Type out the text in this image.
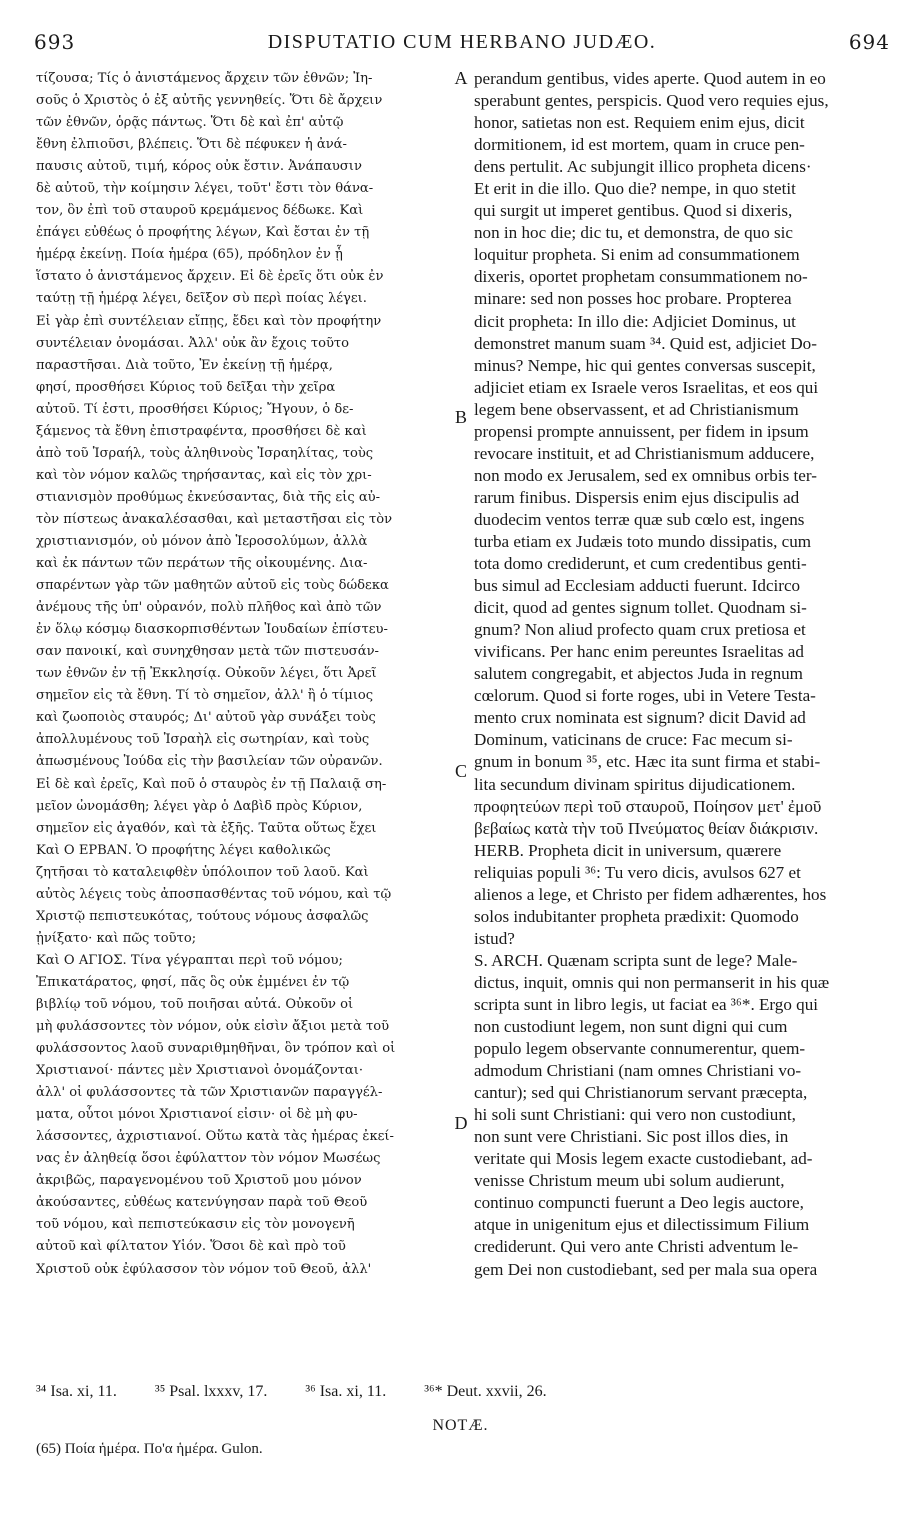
693	DISPUTATIO CUM HERBANO JUDÆO.	694
τίζουσα; Τίς ὁ ἀνιστάμενος ἄρχειν τῶν ἐθνῶν; Ἰη-
σοῦς ὁ Χριστὸς ὁ ἐξ αὐτῆς γεννηθείς. Ὅτι δὲ ἄρχειν
τῶν ἐθνῶν, ὁρᾷς πάντως. Ὅτι δὲ καὶ ἐπ' αὐτῷ
ἔθνη ἐλπιοῦσι, βλέπεις. Ὅτι δὲ πέφυκεν ἡ ἀνά-
παυσις αὐτοῦ, τιμή, κόρος οὐκ ἔστιν. Ἀνάπαυσιν
δὲ αὐτοῦ, τὴν κοίμησιν λέγει, τοῦτ' ἔστι τὸν θάνα-
τον, ὃν ἐπὶ τοῦ σταυροῦ κρεμάμενος δέδωκε. Καὶ
ἐπάγει εὐθέως ὁ προφήτης λέγων, Καὶ ἔσται ἐν τῇ
ἡμέρᾳ ἐκείνῃ. Ποία ἡμέρα (65), πρόδηλον ἐν ᾗ
ἵστατο ὁ ἀνιστάμενος ἄρχειν. Εἰ δὲ ἐρεῖς ὅτι οὐκ ἐν
ταύτῃ τῇ ἡμέρᾳ λέγει, δεῖξον σὺ περὶ ποίας λέγει.
Εἰ γὰρ ἐπὶ συντέλειαν εἴπῃς, ἔδει καὶ τὸν προφήτην
συντέλειαν ὀνομάσαι. Ἀλλ' οὐκ ἂν ἔχοις τοῦτο
παραστῆσαι. Διὰ τοῦτο, Ἐν ἐκείνῃ τῇ ἡμέρᾳ,
φησί, προσθήσει Κύριος τοῦ δεῖξαι τὴν χεῖρα
αὐτοῦ. Τί ἐστι, προσθήσει Κύριος; Ἤγουν, ὁ δε-
ξάμενος τὰ ἔθνη ἐπιστραφέντα, προσθήσει δὲ καὶ
ἀπὸ τοῦ Ἰσραήλ, τοὺς ἀληθινοὺς Ἰσραηλίτας, τοὺς
καὶ τὸν νόμον καλῶς τηρήσαντας, καὶ εἰς τὸν χρι-
στιανισμὸν προθύμως ἐκνεύσαντας, διὰ τῆς εἰς αὐ-
τὸν πίστεως ἀνακαλέσασθαι, καὶ μεταστῆσαι εἰς τὸν
χριστιανισμόν, οὐ μόνον ἀπὸ Ἱεροσολύμων, ἀλλὰ
καὶ ἐκ πάντων τῶν περάτων τῆς οἰκουμένης. Δια-
σπαρέντων γὰρ τῶν μαθητῶν αὐτοῦ εἰς τοὺς δώδεκα
ἀνέμους τῆς ὑπ' οὐρανόν, πολὺ πλῆθος καὶ ἀπὸ τῶν
ἐν ὅλῳ κόσμῳ διασκορπισθέντων Ἰουδαίων ἐπίστευ-
σαν πανοικί, καὶ συνηχθησαν μετὰ τῶν πιστευσάν-
των ἐθνῶν ἐν τῇ Ἐκκλησίᾳ. Οὐκοῦν λέγει, ὅτι Ἀρεῖ
σημεῖον εἰς τὰ ἔθνη. Τί τὸ σημεῖον, ἀλλ' ἢ ὁ τίμιος
καὶ ζωοποιὸς σταυρός; Δι' αὐτοῦ γὰρ συνάξει τοὺς
ἀπολλυμένους τοῦ Ἰσραὴλ εἰς σωτηρίαν, καὶ τοὺς
ἀπωσμένους Ἰούδα εἰς τὴν βασιλείαν τῶν οὐρανῶν.
Εἰ δὲ καὶ ἐρεῖς, Καὶ ποῦ ὁ σταυρὸς ἐν τῇ Παλαιᾷ ση-
μεῖον ὠνομάσθη; λέγει γὰρ ὁ Δαβὶδ πρὸς Κύριον,
σημεῖον εἰς ἀγαθόν, καὶ τὰ ἑξῆς. Ταῦτα οὕτως ἔχει
Καὶ Ο ΕΡΒΑΝ. Ὁ προφήτης λέγει καθολικῶς
ζητῆσαι τὸ καταλειφθὲν ὑπόλοιπον τοῦ λαοῦ. Καὶ
αὐτὸς λέγεις τοὺς ἀποσπασθέντας τοῦ νόμου, καὶ τῷ
Χριστῷ πεπιστευκότας, τούτους νόμους ἀσφαλῶς
ᾐνίξατο· καὶ πῶς τοῦτο;
Καὶ Ο ΑΓΙΟΣ. Τίνα γέγραπται περὶ τοῦ νόμου;
Ἐπικατάρατος, φησί, πᾶς ὃς οὐκ ἐμμένει ἐν τῷ
βιβλίῳ τοῦ νόμου, τοῦ ποιῆσαι αὐτά. Οὐκοῦν οἱ
μὴ φυλάσσοντες τὸν νόμον, οὐκ εἰσὶν ἄξιοι μετὰ τοῦ
φυλάσσοντος λαοῦ συναριθμηθῆναι, ὃν τρόπον καὶ οἱ
Χριστιανοί· πάντες μὲν Χριστιανοὶ ὀνομάζονται·
ἀλλ' οἱ φυλάσσοντες τὰ τῶν Χριστιανῶν παραγγέλ-
ματα, οὗτοι μόνοι Χριστιανοί εἰσιν· οἱ δὲ μὴ φυ-
λάσσοντες, ἀχριστιανοί. Οὕτω κατὰ τὰς ἡμέρας ἐκεί-
νας ἐν ἀληθείᾳ ὅσοι ἐφύλαττον τὸν νόμον Μωσέως
ἀκριβῶς, παραγενομένου τοῦ Χριστοῦ μου μόνον
ἀκούσαντες, εὐθέως κατενύγησαν παρὰ τοῦ Θεοῦ
τοῦ νόμου, καὶ πεπιστεύκασιν εἰς τὸν μονογενῆ
αὐτοῦ καὶ φίλτατον Υἱόν. Ὅσοι δὲ καὶ πρὸ τοῦ
Χριστοῦ οὐκ ἐφύλασσον τὸν νόμον τοῦ Θεοῦ, ἀλλ'
perandum gentibus, vides aperte. Quod autem in eo
sperabunt gentes, perspicis. Quod vero requies ejus,
honor, satietas non est. Requiem enim ejus, dicit
dormitionem, id est mortem, quam in cruce pen-
dens pertulit. Ac subjungit illico propheta dicens·
Et erit in die illo. Quo die? nempe, in quo stetit
qui surgit ut imperet gentibus. Quod si dixeris,
non in hoc die; dic tu, et demonstra, de quo sic
loquitur propheta. Si enim ad consummationem
dixeris, oportet prophetam consummationem no-
minare: sed non posses hoc probare. Propterea
dicit propheta: In illo die: Adjiciet Dominus, ut
demonstret manum suam ³⁴. Quid est, adjiciet Do-
minus? Nempe, hic qui gentes conversas suscepit,
adjiciet etiam ex Israele veros Israelitas, et eos qui
legem bene observassent, et ad Christianismum
propensi prompte annuissent, per fidem in ipsum
revocare instituit, et ad Christianismum adducere,
non modo ex Jerusalem, sed ex omnibus orbis ter-
rarum finibus. Dispersis enim ejus discipulis ad
duodecim ventos terræ quæ sub cœlo est, ingens
turba etiam ex Judæis toto mundo dissipatis, cum
tota domo crediderunt, et cum credentibus genti-
bus simul ad Ecclesiam adducti fuerunt. Idcirco
dicit, quod ad gentes signum tollet. Quodnam si-
gnum? Non aliud profecto quam crux pretiosa et
vivificans. Per hanc enim pereuntes Israelitas ad
salutem congregabit, et abjectos Juda in regnum
cœlorum. Quod si forte roges, ubi in Vetere Testa-
mento crux nominata est signum? dicit David ad
Dominum, vaticinans de cruce: Fac mecum si-
gnum in bonum ³⁵, etc. Hæc ita sunt firma et stabi-
lita secundum divinam spiritus dijudicationem.
προφητεύων περὶ τοῦ σταυροῦ, Ποίησον μετ' ἐμοῦ
βεβαίως κατὰ τὴν τοῦ Πνεύματος θείαν διάκρισιν.
HERB. Propheta dicit in universum, quærere
reliquias populi ³⁶: Tu vero dicis, avulsos 627 et
alienos a lege, et Christo per fidem adhærentes, hos
solos indubitanter propheta prædixit: Quomodo
istud?
S. ARCH. Quænam scripta sunt de lege? Male-
dictus, inquit, omnis qui non permanserit in his quæ
scripta sunt in libro legis, ut faciat ea ³⁶*. Ergo qui
non custodiunt legem, non sunt digni qui cum
populo legem observante connumerentur, quem-
admodum Christiani (nam omnes Christiani vo-
cantur); sed qui Christianorum servant præcepta,
hi soli sunt Christiani: qui vero non custodiunt,
non sunt vere Christiani. Sic post illos dies, in
veritate qui Mosis legem exacte custodiebant, ad-
venisse Christum meum ubi solum audierunt,
continuo compuncti fuerunt a Deo legis auctore,
atque in unigenitum ejus et dilectissimum Filium
crediderunt. Qui vero ante Christi adventum le-
gem Dei non custodiebant, sed per mala sua opera
A
B
C
D
³⁴ Isa. xi, 11. ³⁵ Psal. lxxxv, 17. ³⁶ Isa. xi, 11. ³⁶* Deut. xxvii, 26.
NOTÆ.
(65) Ποία ἡμέρα. Πο'α ἡμέρα. Gulon.
